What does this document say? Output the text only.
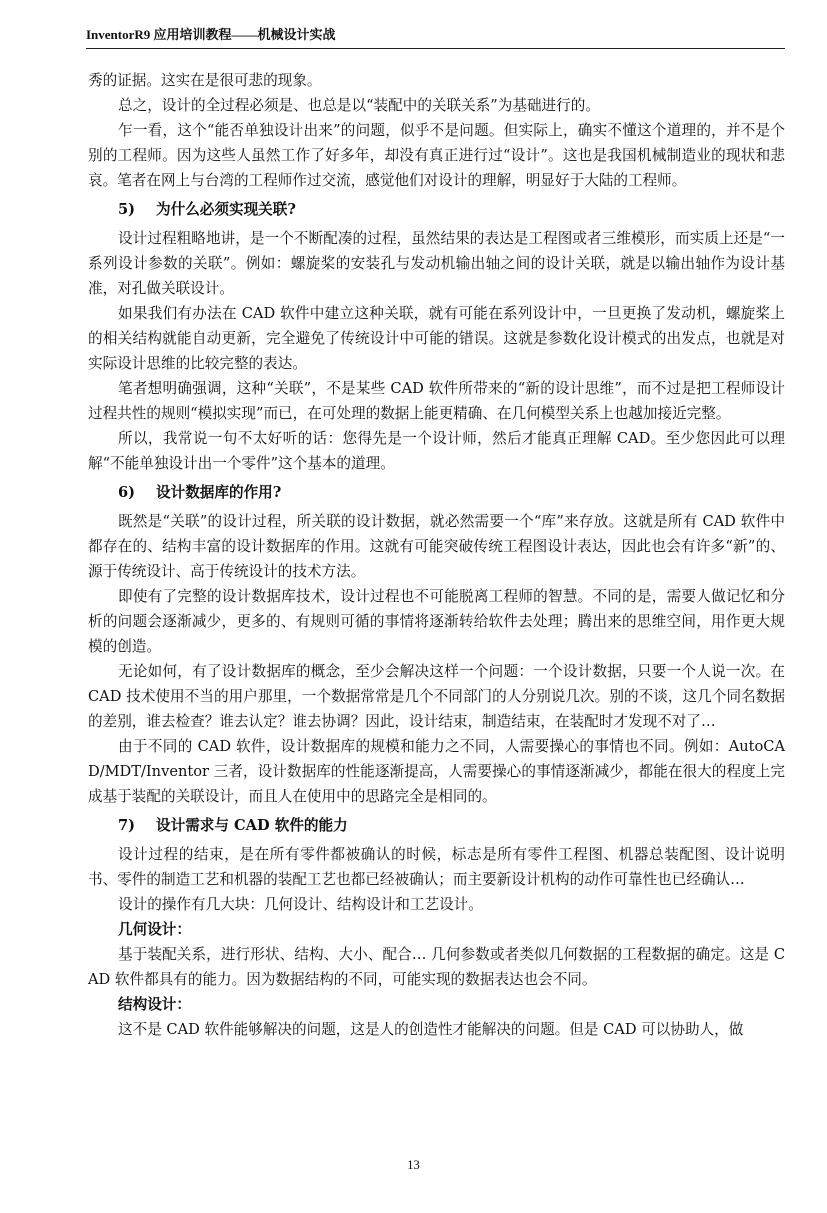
InventorR9 应用培训教程——机械设计实战

秀的证据。这实在是很可悲的现象。

总之，设计的全过程必须是、也总是以“装配中的关联关系”为基础进行的。

乍一看，这个“能否单独设计出来”的问题，似乎不是问题。但实际上，确实不懂这个道理的，并不是个别的工程师。因为这些人虽然工作了好多年，却没有真正进行过“设计”。这也是我国机械制造业的现状和悲哀。笔者在网上与台湾的工程师作过交流，感觉他们对设计的理解，明显好于大陆的工程师。

5) 为什么必须实现关联?

设计过程粗略地讲，是一个不断配凑的过程，虽然结果的表达是工程图或者三维模形，而实质上还是“一系列设计参数的关联”。例如：螺旋桨的安装孔与发动机输出轴之间的设计关联，就是以输出轴作为设计基准，对孔做关联设计。

如果我们有办法在 CAD 软件中建立这种关联，就有可能在系列设计中，一旦更换了发动机，螺旋桨上的相关结构就能自动更新，完全避免了传统设计中可能的错误。这就是参数化设计模式的出发点，也就是对实际设计思维的比较完整的表达。

笔者想明确强调，这种“关联”，不是某些 CAD 软件所带来的“新的设计思维”，而不过是把工程师设计过程共性的规则“模拟实现”而已，在可处理的数据上能更精确、在几何模型关系上也越加接近完整。

所以，我常说一句不太好听的话：您得先是一个设计师，然后才能真正理解 CAD。至少您因此可以理解“不能单独设计出一个零件”这个基本的道理。

6) 设计数据库的作用?

既然是“关联”的设计过程，所关联的设计数据，就必然需要一个“库”来存放。这就是所有 CAD 软件中都存在的、结构丰富的设计数据库的作用。这就有可能突破传统工程图设计表达，因此也会有许多“新”的、源于传统设计、高于传统设计的技术方法。

即使有了完整的设计数据库技术，设计过程也不可能脱离工程师的智慧。不同的是，需要人做记忆和分析的问题会逐渐减少，更多的、有规则可循的事情将逐渐转给软件去处理；腾出来的思维空间，用作更大规模的创造。

无论如何，有了设计数据库的概念，至少会解决这样一个问题：一个设计数据，只要一个人说一次。在 CAD 技术使用不当的用户那里，一个数据常常是几个不同部门的人分别说几次。别的不谈，这几个同名数据的差别，谁去检查？谁去认定？谁去协调？因此，设计结束，制造结束，在装配时才发现不对了…

由于不同的 CAD 软件，设计数据库的规模和能力之不同，人需要操心的事情也不同。例如：AutoCAD/MDT/Inventor 三者，设计数据库的性能逐渐提高，人需要操心的事情逐渐减少，都能在很大的程度上完成基于装配的关联设计，而且人在使用中的思路完全是相同的。

7) 设计需求与 CAD 软件的能力

设计过程的结束，是在所有零件都被确认的时候，标志是所有零件工程图、机器总装配图、设计说明书、零件的制造工艺和机器的装配工艺也都已经被确认；而主要新设计机构的动作可靠性也已经确认…

设计的操作有几大块：几何设计、结构设计和工艺设计。

几何设计：

基于装配关系，进行形状、结构、大小、配合… 几何参数或者类似几何数据的工程数据的确定。这是 CAD 软件都具有的能力。因为数据结构的不同，可能实现的数据表达也会不同。

结构设计：

这不是 CAD 软件能够解决的问题，这是人的创造性才能解决的问题。但是 CAD 可以协助人，做

13
